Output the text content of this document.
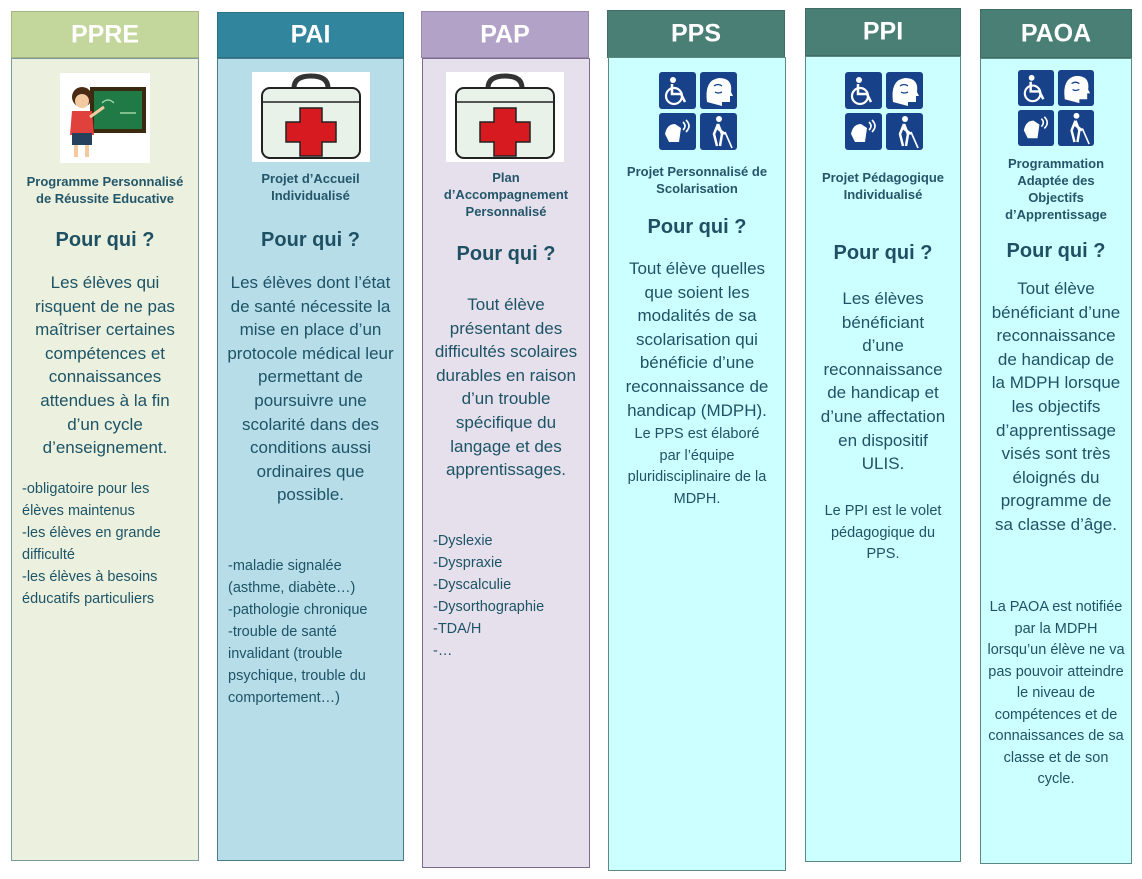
PPRE
Programme Personnalisé de Réussite Educative
Pour qui ?
Les élèves qui risquent de ne pas maîtriser certaines compétences et connaissances attendues à la fin d’un cycle d’enseignement.
-obligatoire pour les élèves maintenus
-les élèves en grande difficulté
-les élèves à besoins éducatifs particuliers
PAI
Projet d’Accueil Individualisé
Pour qui ?
Les élèves dont l’état de santé nécessite la mise en place d’un protocole médical leur permettant de poursuivre une scolarité dans des conditions aussi ordinaires que possible.
-maladie signalée (asthme, diabète…)
-pathologie chronique
-trouble de santé invalidant (trouble psychique, trouble du comportement…)
PAP
Plan d’Accompagnement Personnalisé
Pour qui ?
Tout élève présentant des difficultés scolaires durables en raison d’un trouble spécifique du langage et des apprentissages.
-Dyslexie
-Dyspraxie
-Dyscalculie
-Dysorthographie
-TDA/H
-…
PPS
Projet Personnalisé de Scolarisation
Pour qui ?
Tout élève quelles que soient les modalités de sa scolarisation qui bénéficie d’une reconnaissance de handicap (MDPH).
Le PPS est élaboré par l’équipe pluridisciplinaire de la MDPH.
PPI
Projet Pédagogique Individualisé
Pour qui ?
Les élèves bénéficiant d’une reconnaissance de handicap et d’une affectation en dispositif ULIS.
Le PPI est le volet pédagogique du PPS.
PAOA
Programmation Adaptée des Objectifs d’Apprentissage
Pour qui ?
Tout élève bénéficiant d’une reconnaissance de handicap de la MDPH lorsque les objectifs d’apprentissage visés sont très éloignés du programme de sa classe d’âge.
La PAOA est notifiée par la MDPH lorsqu’un élève ne va pas pouvoir atteindre le niveau de compétences et de connaissances de sa classe et de son cycle.
